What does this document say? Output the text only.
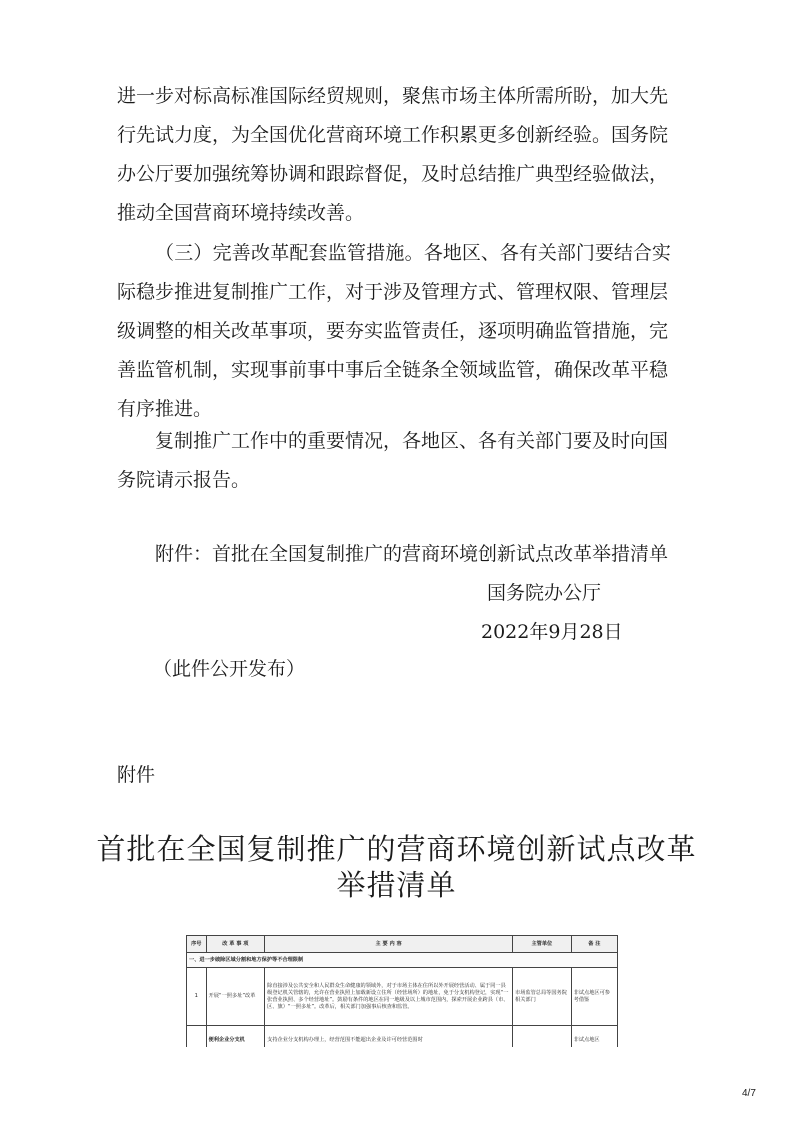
进一步对标高标准国际经贸规则，聚焦市场主体所需所盼，加大先
行先试力度，为全国优化营商环境工作积累更多创新经验。国务院
办公厅要加强统筹协调和跟踪督促，及时总结推广典型经验做法，
推动全国营商环境持续改善。
（三）完善改革配套监管措施。各地区、各有关部门要结合实
际稳步推进复制推广工作，对于涉及管理方式、管理权限、管理层
级调整的相关改革事项，要夯实监管责任，逐项明确监管措施，完
善监管机制，实现事前事中事后全链条全领域监管，确保改革平稳
有序推进。
复制推广工作中的重要情况，各地区、各有关部门要及时向国
务院请示报告。
附件：首批在全国复制推广的营商环境创新试点改革举措清单
国务院办公厅
2022年9月28日
（此件公开发布）
附件
首批在全国复制推广的营商环境创新试点改革
举措清单
序号	改 革 事 项	主 要 内 容	主管单位	备 注
一、进一步破除区域分割和地方保护等不合理限制				
1	开展“一照多址”改革	除直接涉及公共安全和人民群众生命健康的领域外，对于市场主体在住所以外开展经营活动、属于同一县级登记机关管辖的，允许在营业执照上加载新设立住所（经营场所）的地址，免于分支机构登记，实现“一张营业执照、多个经营地址”。鼓励有条件的地区在同一地级及以上城市范围内，探索开展企业跨县（市、区、旗）“一照多址”。改革后，相关部门加强事后核查和监管。	市场监管总局等国务院相关部门	非试点地区可参考借鉴
	便利企业分支机	支持企业分支机构办理上，经营范围不能超出企业及许可经营范围时		非试点地区
4/7
